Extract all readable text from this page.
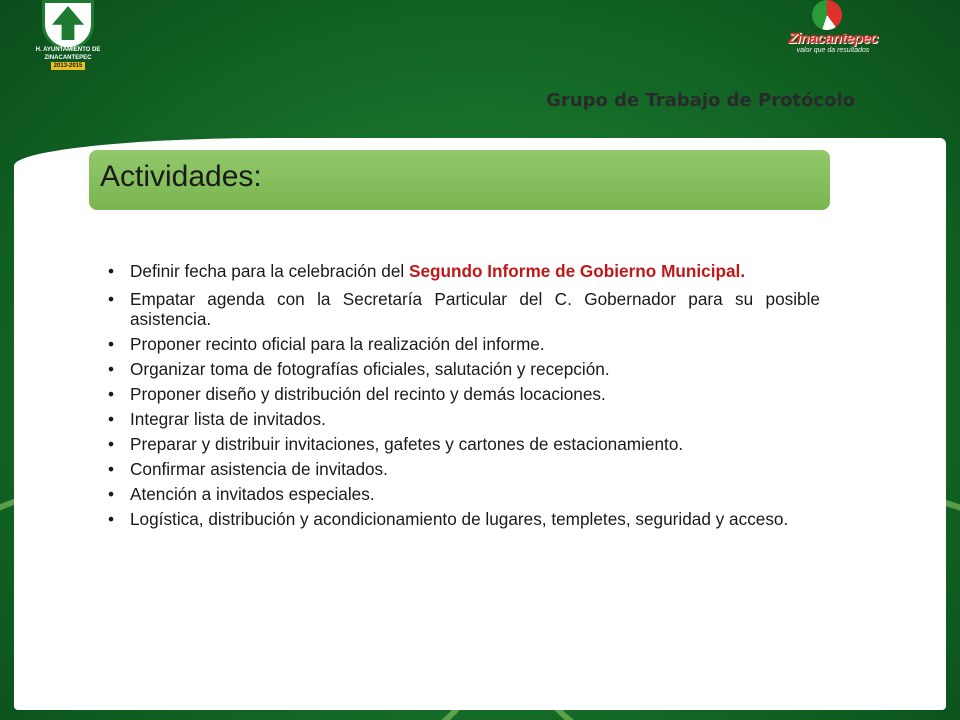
H. AYUNTAMIENTO DE
ZINACANTEPEC
2013-2015
Zinacantepec
valor que da resultados
Grupo de Trabajo de Protócolo
Actividades:
• Definir fecha para la celebración del Segundo Informe de Gobierno Municipal.
• Empatar agenda con la Secretaría Particular del C. Gobernador para su posible asistencia.
• Proponer recinto oficial para la realización del informe.
• Organizar toma de fotografías oficiales, salutación y recepción.
• Proponer diseño y distribución del recinto y demás locaciones.
• Integrar lista de invitados.
• Preparar y distribuir invitaciones, gafetes y cartones de estacionamiento.
• Confirmar asistencia de invitados.
• Atención a invitados especiales.
• Logística, distribución y acondicionamiento de lugares, templetes, seguridad y acceso.
